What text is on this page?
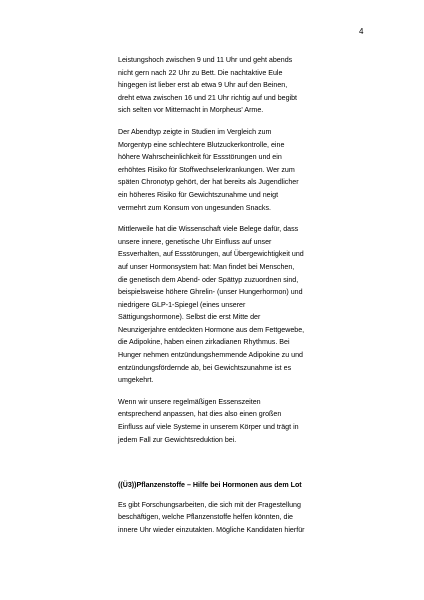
4

Leistungshoch zwischen 9 und 11 Uhr und geht abends
nicht gern nach 22 Uhr zu Bett. Die nachtaktive Eule
hingegen ist lieber erst ab etwa 9 Uhr auf den Beinen,
dreht etwa zwischen 16 und 21 Uhr richtig auf und begibt
sich selten vor Mitternacht in Morpheus' Arme.

Der Abendtyp zeigte in Studien im Vergleich zum
Morgentyp eine schlechtere Blutzuckerkontrolle, eine
höhere Wahrscheinlichkeit für Essstörungen und ein
erhöhtes Risiko für Stoffwechselerkrankungen. Wer zum
späten Chronotyp gehört, der hat bereits als Jugendlicher
ein höheres Risiko für Gewichtszunahme und neigt
vermehrt zum Konsum von ungesunden Snacks.

Mittlerweile hat die Wissenschaft viele Belege dafür, dass
unsere innere, genetische Uhr Einfluss auf unser
Essverhalten, auf Essstörungen, auf Übergewichtigkeit und
auf unser Hormonsystem hat: Man findet bei Menschen,
die genetisch dem Abend- oder Spättyp zuzuordnen sind,
beispielsweise höhere Ghrelin- (unser Hungerhormon) und
niedrigere GLP-1-Spiegel (eines unserer
Sättigungshormone). Selbst die erst Mitte der
Neunzigerjahre entdeckten Hormone aus dem Fettgewebe,
die Adipokine, haben einen zirkadianen Rhythmus. Bei
Hunger nehmen entzündungshemmende Adipokine zu und
entzündungsfördernde ab, bei Gewichtszunahme ist es
umgekehrt.

Wenn wir unsere regelmäßigen Essenszeiten
entsprechend anpassen, hat dies also einen großen
Einfluss auf viele Systeme in unserem Körper und trägt in
jedem Fall zur Gewichtsreduktion bei.

((Ü3))Pflanzenstoffe – Hilfe bei Hormonen aus dem Lot

Es gibt Forschungsarbeiten, die sich mit der Fragestellung
beschäftigen, welche Pflanzenstoffe helfen könnten, die
innere Uhr wieder einzutakten. Mögliche Kandidaten hierfür
